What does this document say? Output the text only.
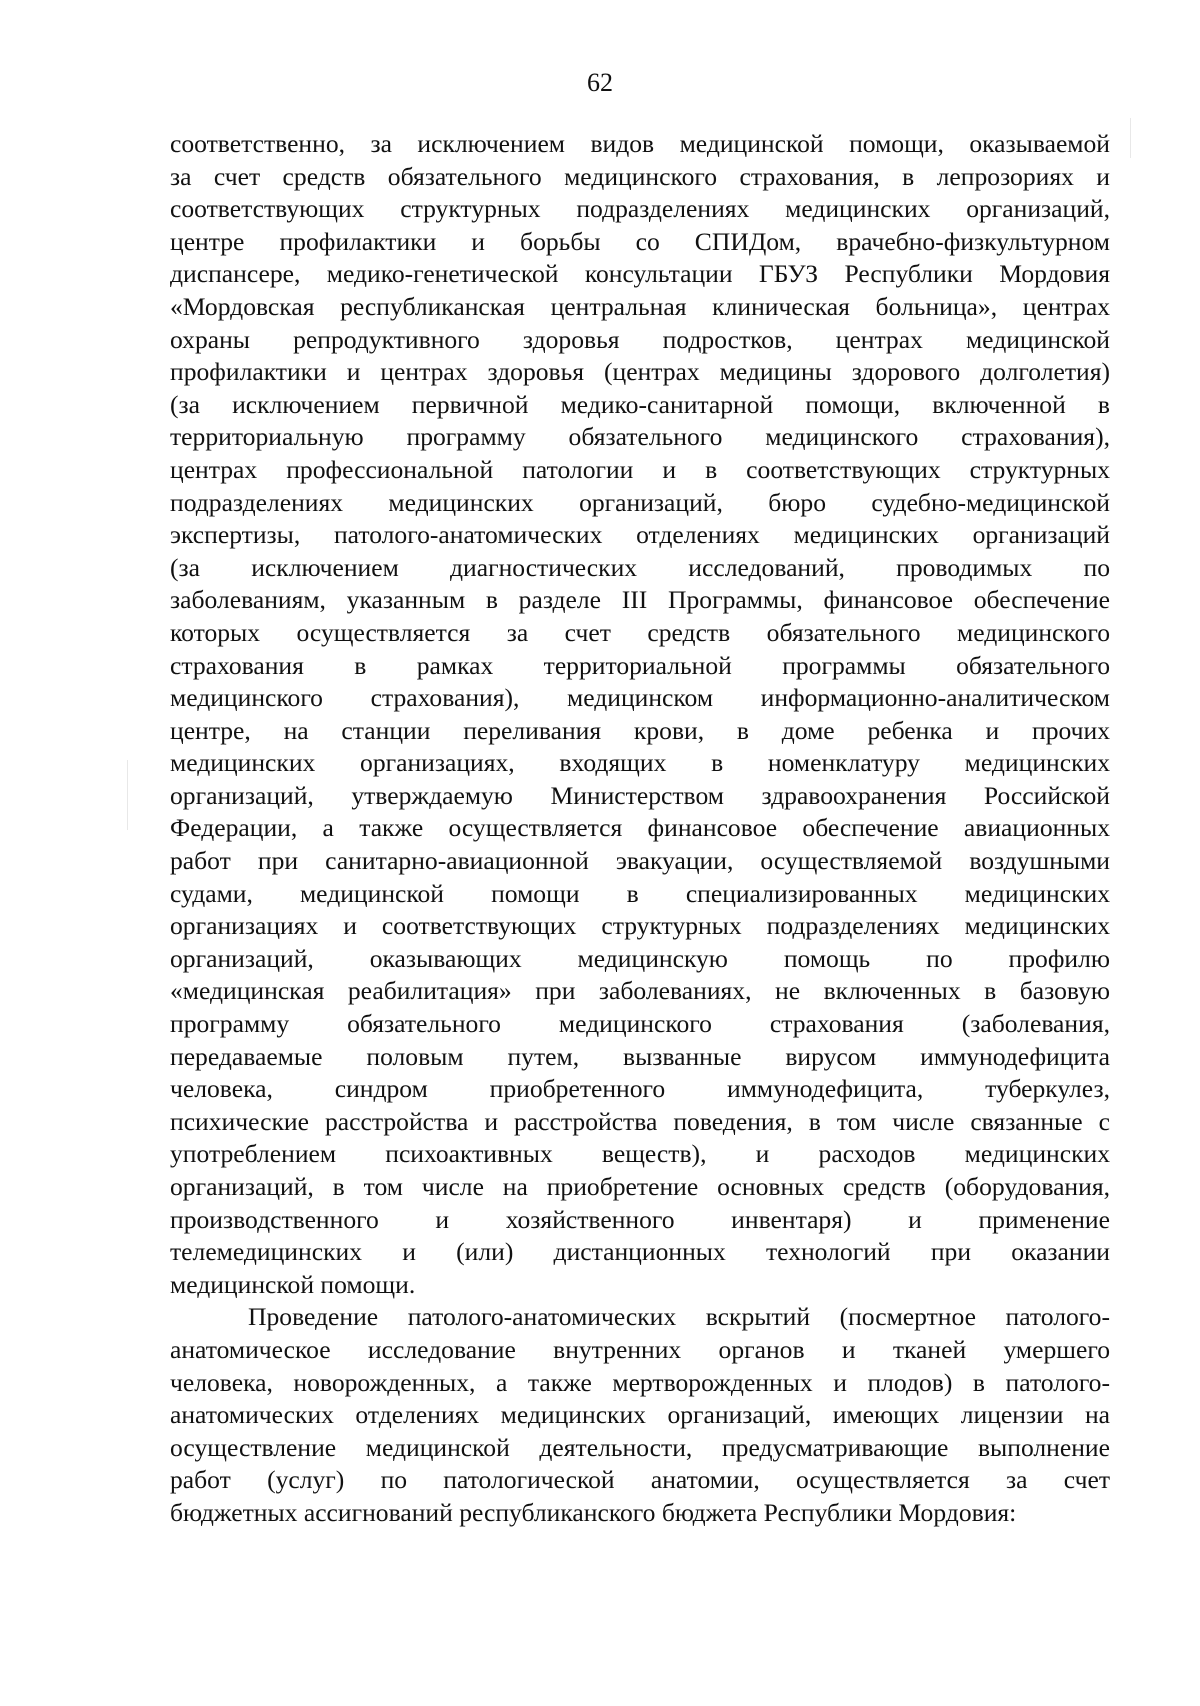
62
соответственно, за исключением видов медицинской помощи, оказываемой
за счет средств обязательного медицинского страхования, в лепрозориях и
соответствующих структурных подразделениях медицинских организаций,
центре профилактики и борьбы со СПИДом, врачебно-физкультурном
диспансере, медико-генетической консультации ГБУЗ Республики Мордовия
«Мордовская республиканская центральная клиническая больница», центрах
охраны репродуктивного здоровья подростков, центрах медицинской
профилактики и центрах здоровья (центрах медицины здорового долголетия)
(за исключением первичной медико-санитарной помощи, включенной в
территориальную программу обязательного медицинского страхования),
центрах профессиональной патологии и в соответствующих структурных
подразделениях медицинских организаций, бюро судебно-медицинской
экспертизы, патолого-анатомических отделениях медицинских организаций
(за исключением диагностических исследований, проводимых по
заболеваниям, указанным в разделе III Программы, финансовое обеспечение
которых осуществляется за счет средств обязательного медицинского
страхования в рамках территориальной программы обязательного
медицинского страхования), медицинском информационно-аналитическом
центре, на станции переливания крови, в доме ребенка и прочих
медицинских организациях, входящих в номенклатуру медицинских
организаций, утверждаемую Министерством здравоохранения Российской
Федерации, а также осуществляется финансовое обеспечение авиационных
работ при санитарно-авиационной эвакуации, осуществляемой воздушными
судами, медицинской помощи в специализированных медицинских
организациях и соответствующих структурных подразделениях медицинских
организаций, оказывающих медицинскую помощь по профилю
«медицинская реабилитация» при заболеваниях, не включенных в базовую
программу обязательного медицинского страхования (заболевания,
передаваемые половым путем, вызванные вирусом иммунодефицита
человека, синдром приобретенного иммунодефицита, туберкулез,
психические расстройства и расстройства поведения, в том числе связанные с
употреблением психоактивных веществ), и расходов медицинских
организаций, в том числе на приобретение основных средств (оборудования,
производственного и хозяйственного инвентаря) и применение
телемедицинских и (или) дистанционных технологий при оказании
медицинской помощи.
Проведение патолого-анатомических вскрытий (посмертное патолого-
анатомическое исследование внутренних органов и тканей умершего
человека, новорожденных, а также мертворожденных и плодов) в патолого-
анатомических отделениях медицинских организаций, имеющих лицензии на
осуществление медицинской деятельности, предусматривающие выполнение
работ (услуг) по патологической анатомии, осуществляется за счет
бюджетных ассигнований республиканского бюджета Республики Мордовия:
